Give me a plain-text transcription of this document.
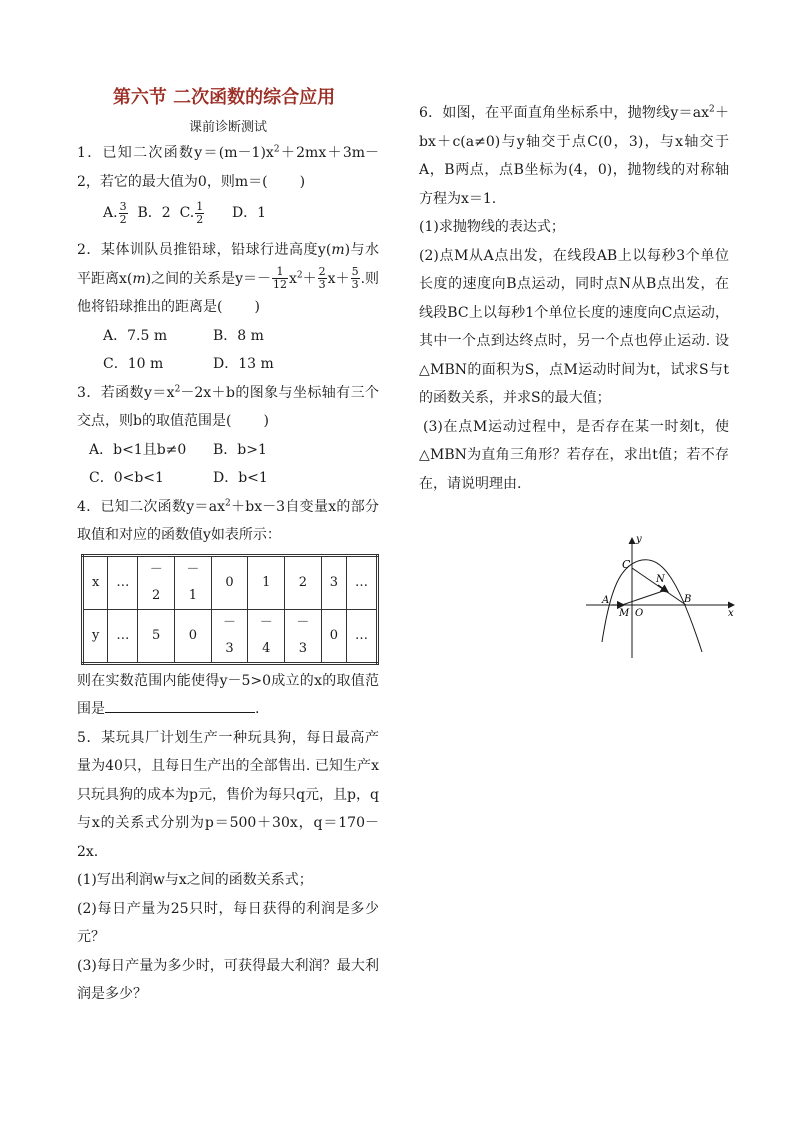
第六节 二次函数的综合应用
课前诊断测试
1．已知二次函数$y=(m-1)x^2+2mx+3m-2$，若它的最大值为0，则m＝( )
A. $\frac{3}{2}$ B．2 C. $\frac{1}{2}$ D．1
2．某体训队员推铅球，铅球行进高度y(m)与水平距离x(m)之间的关系是$y=- \frac{1}{12} x^2+ \frac{2}{3} x+ \frac{5}{3}$ .则他将铅球推出的距离是( )
A．7.5 m	B．8 m
C．10 m	D．13 m
3．若函数$y=x^2-2x+b$的图象与坐标轴有三个交点，则b的取值范围是( )
A．b<1且b≠0	B．b>1
C．0<b<1	D．b<1
4．已知二次函数$y=ax^2+bx-3$自变量x的部分取值和对应的函数值y如表所示：
x	…	－2	－1	0	1	2	3	…
y	…	5	0	－3	－4	－3	0	…
则在实数范围内能使得y－5>0成立的x的取值范围是	.
5．某玩具厂计划生产一种玩具狗，每日最高产量为40只，且每日生产出的全部售出. 已知生产x只玩具狗的成本为p元，售价为每只q元，且p，q与x的关系式分别为p＝500＋30x，q＝170－2x.
(1)写出利润w与x之间的函数关系式；
(2)每日产量为25只时，每日获得的利润是多少元？
(3)每日产量为多少时，可获得最大利润？最大利润是多少？
6．如图，在平面直角坐标系中，抛物线$y=ax^2+bx+c(a\ne 0)$与y轴交于点C(0，3)，与x轴交于A，B两点，点B坐标为(4，0)，抛物线的对称轴方程为x＝1.
(1)求抛物线的表达式；
(2)点M从A点出发，在线段AB上以每秒3个单位长度的速度向B点运动，同时点N从B点出发，在线段BC上以每秒1个单位长度的速度向C点运动，其中一个点到达终点时，另一个点也停止运动. 设△MBN的面积为S，点M运动时间为t，试求S与t的函数关系，并求S的最大值；
(3)在点M运动过程中，是否存在某一时刻t，使△MBN为直角三角形？若存在，求出t值；若不存在，请说明理由.
y
x
C
N
A
M O
B
